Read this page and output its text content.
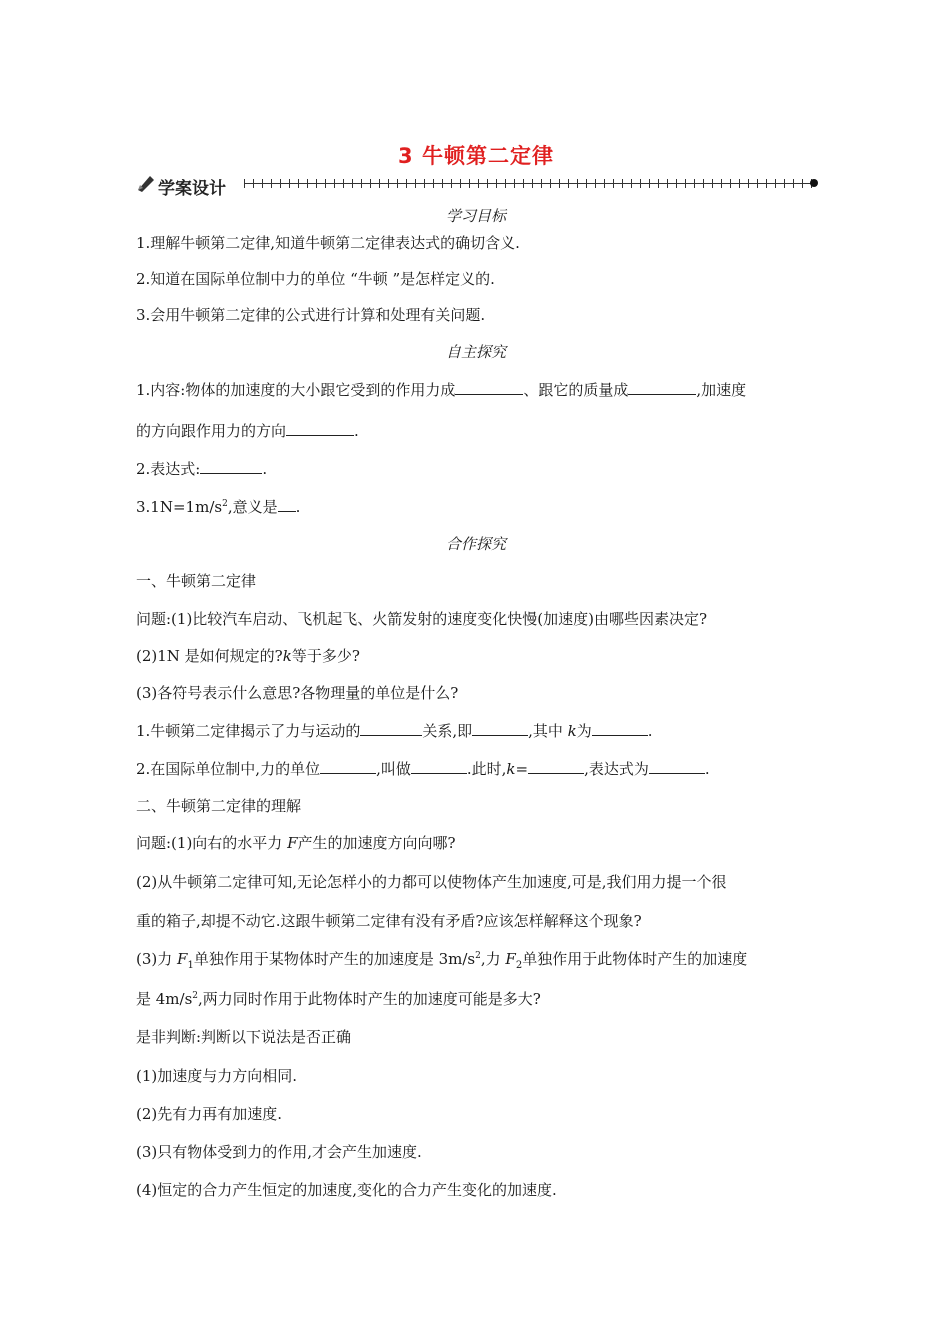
3 牛顿第二定律
学案设计
学习目标
1.理解牛顿第二定律,知道牛顿第二定律表达式的确切含义.
2.知道在国际单位制中力的单位 “牛顿 ”是怎样定义的.
3.会用牛顿第二定律的公式进行计算和处理有关问题.
自主探究
1.内容:物体的加速度的大小跟它受到的作用力成	、跟它的质量成	,加速度
的方向跟作用力的方向	.
2.表达式:	.
$3.1N=1m/s^2$,意义是 .
合作探究
一、牛顿第二定律
问题:(1)比较汽车启动、飞机起飞、火箭发射的速度变化快慢(加速度)由哪些因素决定?
(2)1N 是如何规定的?k等于多少?
(3)各符号表示什么意思?各物理量的单位是什么?
1.牛顿第二定律揭示了力与运动的	关系,即	,其中 k为	.
2.在国际单位制中,力的单位	,叫做	.此时,k=	,表达式为	.
二、牛顿第二定律的理解
问题:(1)向右的水平力 F产生的加速度方向向哪?
(2)从牛顿第二定律可知,无论怎样小的力都可以使物体产生加速度,可是,我们用力提一个很
重的箱子,却提不动它.这跟牛顿第二定律有没有矛盾?应该怎样解释这个现象?
(3)力 $F_1$单独作用于某物体时产生的加速度是 $3m/s^2$,力 $F_2$单独作用于此物体时产生的加速度
是 $4m/s^2$,两力同时作用于此物体时产生的加速度可能是多大?
是非判断:判断以下说法是否正确
(1)加速度与力方向相同.
(2)先有力再有加速度.
(3)只有物体受到力的作用,才会产生加速度.
(4)恒定的合力产生恒定的加速度,变化的合力产生变化的加速度.
